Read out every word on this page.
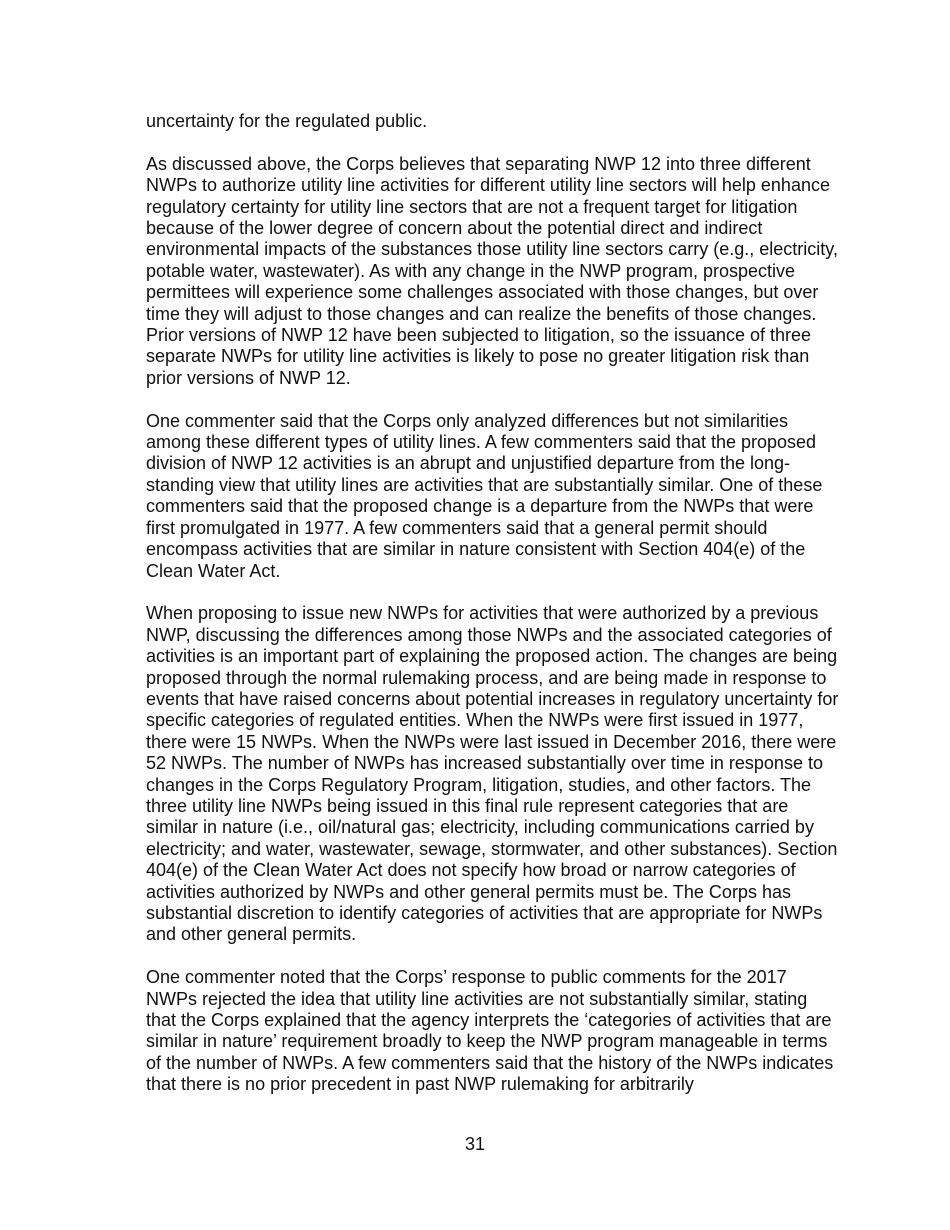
uncertainty for the regulated public.

As discussed above, the Corps believes that separating NWP 12 into three different NWPs to authorize utility line activities for different utility line sectors will help enhance regulatory certainty for utility line sectors that are not a frequent target for litigation because of the lower degree of concern about the potential direct and indirect environmental impacts of the substances those utility line sectors carry (e.g., electricity, potable water, wastewater). As with any change in the NWP program, prospective permittees will experience some challenges associated with those changes, but over time they will adjust to those changes and can realize the benefits of those changes. Prior versions of NWP 12 have been subjected to litigation, so the issuance of three separate NWPs for utility line activities is likely to pose no greater litigation risk than prior versions of NWP 12.

One commenter said that the Corps only analyzed differences but not similarities among these different types of utility lines. A few commenters said that the proposed division of NWP 12 activities is an abrupt and unjustified departure from the long-standing view that utility lines are activities that are substantially similar. One of these commenters said that the proposed change is a departure from the NWPs that were first promulgated in 1977. A few commenters said that a general permit should encompass activities that are similar in nature consistent with Section 404(e) of the Clean Water Act.

When proposing to issue new NWPs for activities that were authorized by a previous NWP, discussing the differences among those NWPs and the associated categories of activities is an important part of explaining the proposed action. The changes are being proposed through the normal rulemaking process, and are being made in response to events that have raised concerns about potential increases in regulatory uncertainty for specific categories of regulated entities. When the NWPs were first issued in 1977, there were 15 NWPs. When the NWPs were last issued in December 2016, there were 52 NWPs. The number of NWPs has increased substantially over time in response to changes in the Corps Regulatory Program, litigation, studies, and other factors. The three utility line NWPs being issued in this final rule represent categories that are similar in nature (i.e., oil/natural gas; electricity, including communications carried by electricity; and water, wastewater, sewage, stormwater, and other substances). Section 404(e) of the Clean Water Act does not specify how broad or narrow categories of activities authorized by NWPs and other general permits must be. The Corps has substantial discretion to identify categories of activities that are appropriate for NWPs and other general permits.

One commenter noted that the Corps’ response to public comments for the 2017 NWPs rejected the idea that utility line activities are not substantially similar, stating that the Corps explained that the agency interprets the ‘categories of activities that are similar in nature’ requirement broadly to keep the NWP program manageable in terms of the number of NWPs. A few commenters said that the history of the NWPs indicates that there is no prior precedent in past NWP rulemaking for arbitrarily

31
